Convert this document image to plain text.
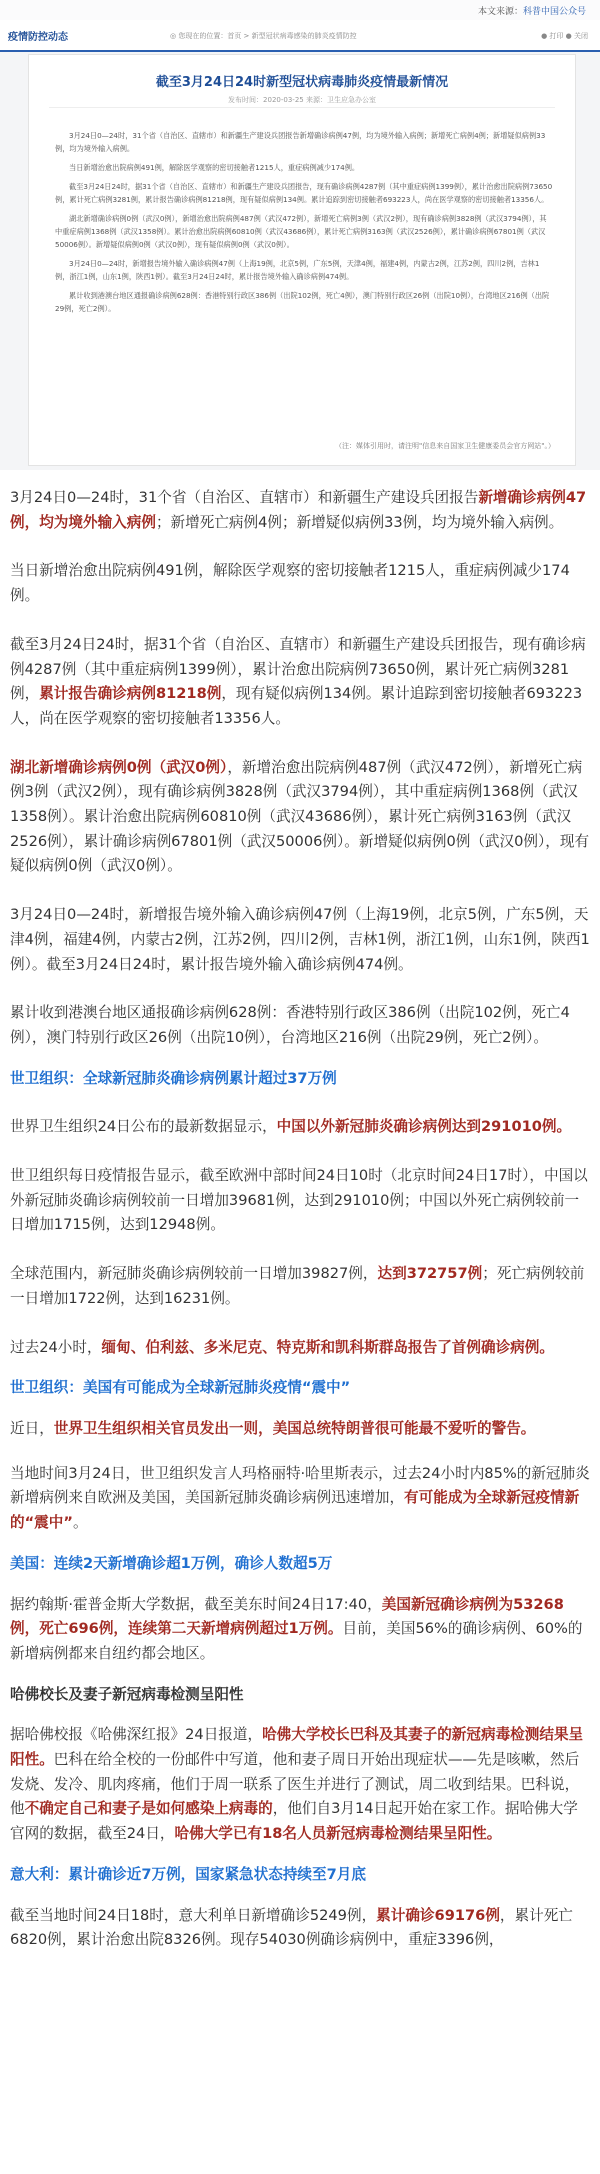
本文来源：科普中国公众号
疫情防控动态	◎ 您现在的位置：首页 > 新型冠状病毒感染的肺炎疫情防控	● 打印 ● 关闭
截至3月24日24时新型冠状病毒肺炎疫情最新情况
发布时间：2020-03-25 来源：卫生应急办公室

3月24日0—24时，31个省（自治区、直辖市）和新疆生产建设兵团报告新增确诊病例47例，均为境外输入病例；新增死亡病例4例；新增疑似病例33例，均为境外输入病例。

当日新增治愈出院病例491例，解除医学观察的密切接触者1215人，重症病例减少174例。

截至3月24日24时，据31个省（自治区、直辖市）和新疆生产建设兵团报告，现有确诊病例4287例（其中重症病例1399例），累计治愈出院病例73650例，累计死亡病例3281例，累计报告确诊病例81218例，现有疑似病例134例。累计追踪到密切接触者693223人，尚在医学观察的密切接触者13356人。

湖北新增确诊病例0例（武汉0例），新增治愈出院病例487例（武汉472例），新增死亡病例3例（武汉2例），现有确诊病例3828例（武汉3794例），其中重症病例1368例（武汉1358例）。累计治愈出院病例60810例（武汉43686例），累计死亡病例3163例（武汉2526例），累计确诊病例67801例（武汉50006例）。新增疑似病例0例（武汉0例），现有疑似病例0例（武汉0例）。

3月24日0—24时，新增报告境外输入确诊病例47例（上海19例，北京5例，广东5例，天津4例，福建4例，内蒙古2例，江苏2例，四川2例，吉林1例，浙江1例，山东1例，陕西1例）。截至3月24日24时，累计报告境外输入确诊病例474例。

累计收到港澳台地区通报确诊病例628例：香港特别行政区386例（出院102例，死亡4例），澳门特别行政区26例（出院10例），台湾地区216例（出院29例，死亡2例）。

（注：媒体引用时，请注明"信息来自国家卫生健康委员会官方网站"。）

3月24日0—24时，31个省（自治区、直辖市）和新疆生产建设兵团报告新增确诊病例47例，均为境外输入病例；新增死亡病例4例；新增疑似病例33例，均为境外输入病例。

当日新增治愈出院病例491例，解除医学观察的密切接触者1215人，重症病例减少174例。

截至3月24日24时，据31个省（自治区、直辖市）和新疆生产建设兵团报告，现有确诊病例4287例（其中重症病例1399例），累计治愈出院病例73650例，累计死亡病例3281例，累计报告确诊病例81218例，现有疑似病例134例。累计追踪到密切接触者693223人，尚在医学观察的密切接触者13356人。

湖北新增确诊病例0例（武汉0例），新增治愈出院病例487例（武汉472例），新增死亡病例3例（武汉2例），现有确诊病例3828例（武汉3794例），其中重症病例1368例（武汉1358例）。累计治愈出院病例60810例（武汉43686例），累计死亡病例3163例（武汉2526例），累计确诊病例67801例（武汉50006例）。新增疑似病例0例（武汉0例），现有疑似病例0例（武汉0例）。

3月24日0—24时，新增报告境外输入确诊病例47例（上海19例，北京5例，广东5例，天津4例，福建4例，内蒙古2例，江苏2例，四川2例，吉林1例，浙江1例，山东1例，陕西1例）。截至3月24日24时，累计报告境外输入确诊病例474例。

累计收到港澳台地区通报确诊病例628例：香港特别行政区386例（出院102例，死亡4例），澳门特别行政区26例（出院10例），台湾地区216例（出院29例，死亡2例）。

世卫组织：全球新冠肺炎确诊病例累计超过37万例

世界卫生组织24日公布的最新数据显示，中国以外新冠肺炎确诊病例达到291010例。

世卫组织每日疫情报告显示，截至欧洲中部时间24日10时（北京时间24日17时），中国以外新冠肺炎确诊病例较前一日增加39681例，达到291010例；中国以外死亡病例较前一日增加1715例，达到12948例。

全球范围内，新冠肺炎确诊病例较前一日增加39827例，达到372757例；死亡病例较前一日增加1722例，达到16231例。

过去24小时，缅甸、伯利兹、多米尼克、特克斯和凯科斯群岛报告了首例确诊病例。

世卫组织：美国有可能成为全球新冠肺炎疫情“震中”

近日，世界卫生组织相关官员发出一则，美国总统特朗普很可能最不爱听的警告。

当地时间3月24日，世卫组织发言人玛格丽特·哈里斯表示，过去24小时内85%的新冠肺炎新增病例来自欧洲及美国，美国新冠肺炎确诊病例迅速增加，有可能成为全球新冠疫情新的“震中”。

美国：连续2天新增确诊超1万例，确诊人数超5万

据约翰斯·霍普金斯大学数据，截至美东时间24日17:40，美国新冠确诊病例为53268例，死亡696例，连续第二天新增病例超过1万例。目前，美国56%的确诊病例、60%的新增病例都来自纽约都会地区。

哈佛校长及妻子新冠病毒检测呈阳性

据哈佛校报《哈佛深红报》24日报道，哈佛大学校长巴科及其妻子的新冠病毒检测结果呈阳性。巴科在给全校的一份邮件中写道，他和妻子周日开始出现症状——先是咳嗽，然后发烧、发冷、肌肉疼痛，他们于周一联系了医生并进行了测试，周二收到结果。巴科说，他不确定自己和妻子是如何感染上病毒的，他们自3月14日起开始在家工作。据哈佛大学官网的数据，截至24日，哈佛大学已有18名人员新冠病毒检测结果呈阳性。

意大利：累计确诊近7万例，国家紧急状态持续至7月底

截至当地时间24日18时，意大利单日新增确诊5249例，累计确诊69176例，累计死亡6820例，累计治愈出院8326例。现存54030例确诊病例中，重症3396例，
